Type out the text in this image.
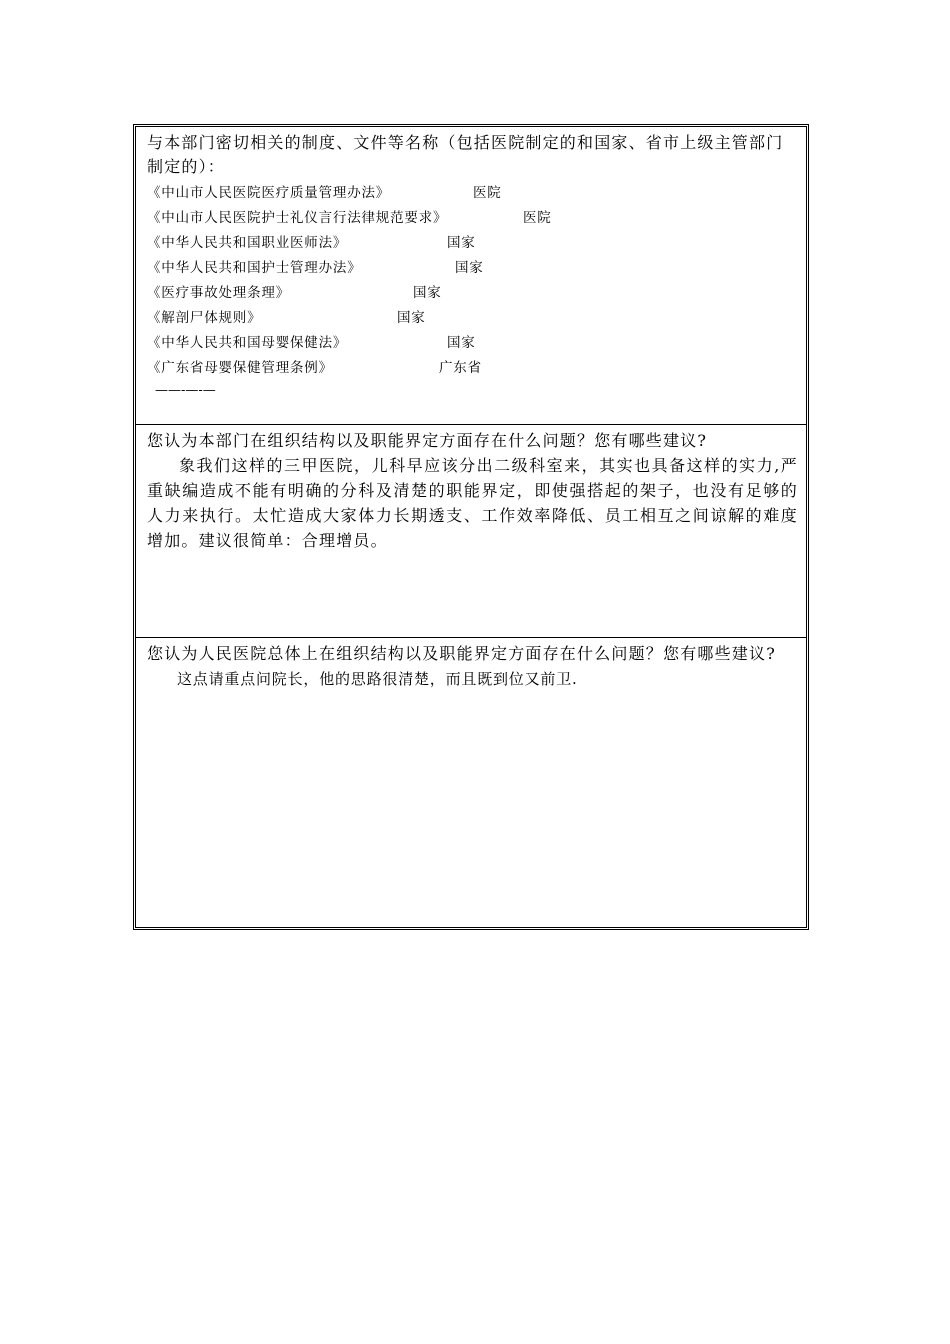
与本部门密切相关的制度、文件等名称（包括医院制定的和国家、省市上级主管部门制定的）：

《中山市人民医院医疗质量管理办法》	医院
《中山市人民医院护士礼仪言行法律规范要求》	医院
《中华人民共和国职业医师法》	国家
《中华人民共和国护士管理办法》	国家
《医疗事故处理条理》	国家
《解剖尸体规则》	国家
《中华人民共和国母婴保健法》	国家
《广东省母婴保健管理条例》	广东省
——-—-—

您认为本部门在组织结构以及职能界定方面存在什么问题？您有哪些建议?

象我们这样的三甲医院，儿科早应该分出二级科室来，其实也具备这样的实力,严重缺编造成不能有明确的分科及清楚的职能界定，即使强搭起的架子，也没有足够的人力来执行。太忙造成大家体力长期透支、工作效率降低、员工相互之间谅解的难度增加。建议很简单：合理增员。

您认为人民医院总体上在组织结构以及职能界定方面存在什么问题？您有哪些建议?

这点请重点问院长，他的思路很清楚，而且既到位又前卫.
